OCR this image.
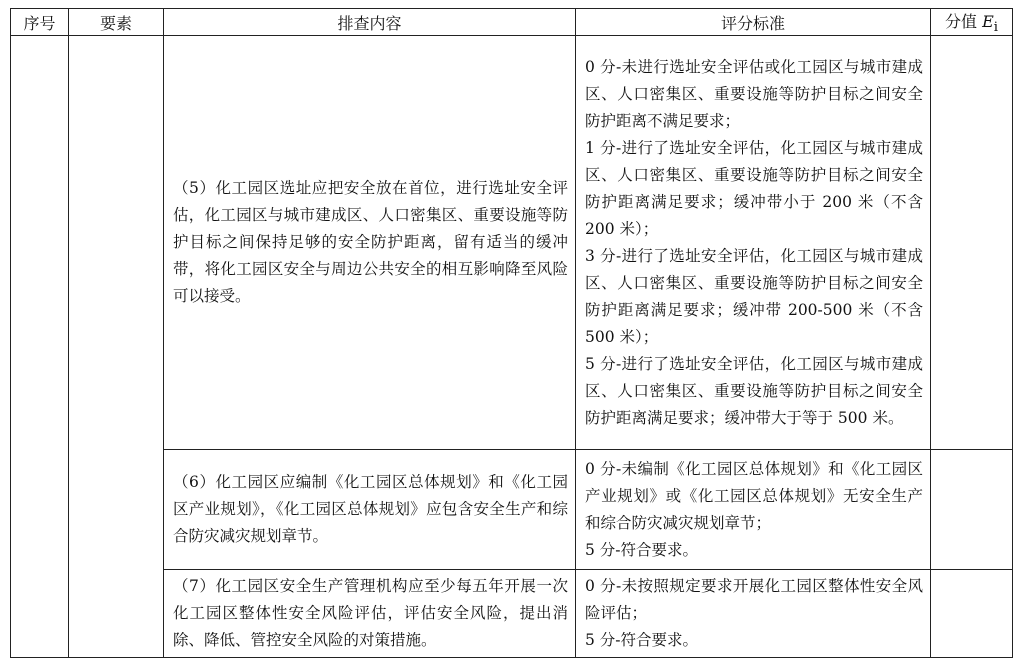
序号	要素	排查内容	评分标准	分值 $E_i$
		（5）化工园区选址应把安全放在首位，进行选址安全评估，化工园区与城市建成区、人口密集区、重要设施等防护目标之间保持足够的安全防护距离，留有适当的缓冲带，将化工园区安全与周边公共安全的相互影响降至风险可以接受。	0 分-未进行选址安全评估或化工园区与城市建成区、人口密集区、重要设施等防护目标之间安全防护距离不满足要求；
1 分-进行了选址安全评估，化工园区与城市建成区、人口密集区、重要设施等防护目标之间安全防护距离满足要求；缓冲带小于 200 米（不含 200 米）；
3 分-进行了选址安全评估，化工园区与城市建成区、人口密集区、重要设施等防护目标之间安全防护距离满足要求；缓冲带 200-500 米（不含 500 米）；
5 分-进行了选址安全评估，化工园区与城市建成区、人口密集区、重要设施等防护目标之间安全防护距离满足要求；缓冲带大于等于 500 米。	

		（6）化工园区应编制《化工园区总体规划》和《化工园区产业规划》，《化工园区总体规划》应包含安全生产和综合防灾减灾规划章节。	0 分-未编制《化工园区总体规划》和《化工园区产业规划》或《化工园区总体规划》无安全生产和综合防灾减灾规划章节；
5 分-符合要求。	

		（7）化工园区安全生产管理机构应至少每五年开展一次化工园区整体性安全风险评估，评估安全风险，提出消除、降低、管控安全风险的对策措施。	0 分-未按照规定要求开展化工园区整体性安全风险评估；
5 分-符合要求。	
